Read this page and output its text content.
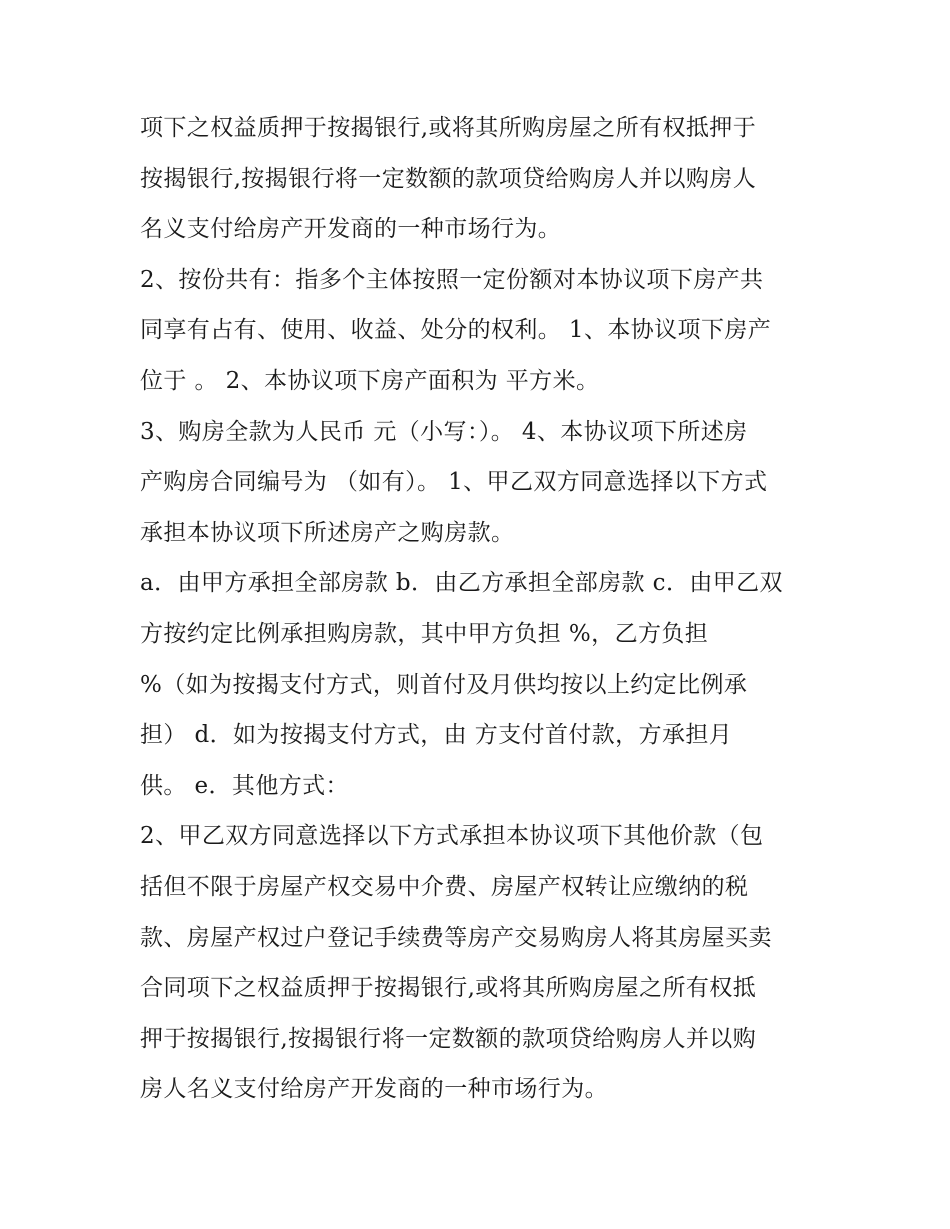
项下之权益质押于按揭银行,或将其所购房屋之所有权抵押于
按揭银行,按揭银行将一定数额的款项贷给购房人并以购房人
名义支付给房产开发商的一种市场行为。
2、按份共有：指多个主体按照一定份额对本协议项下房产共
同享有占有、使用、收益、处分的权利。 1、本协议项下房产
位于 。 2、本协议项下房产面积为 平方米。
3、购房全款为人民币 元（小写：）。 4、本协议项下所述房
产购房合同编号为 （如有）。 1、甲乙双方同意选择以下方式
承担本协议项下所述房产之购房款。
a．由甲方承担全部房款 b．由乙方承担全部房款 c．由甲乙双
方按约定比例承担购房款，其中甲方负担 %，乙方负担
%（如为按揭支付方式，则首付及月供均按以上约定比例承
担） d．如为按揭支付方式，由 方支付首付款，方承担月
供。 e．其他方式：
2、甲乙双方同意选择以下方式承担本协议项下其他价款（包
括但不限于房屋产权交易中介费、房屋产权转让应缴纳的税
款、房屋产权过户登记手续费等房产交易购房人将其房屋买卖
合同项下之权益质押于按揭银行,或将其所购房屋之所有权抵
押于按揭银行,按揭银行将一定数额的款项贷给购房人并以购
房人名义支付给房产开发商的一种市场行为。
